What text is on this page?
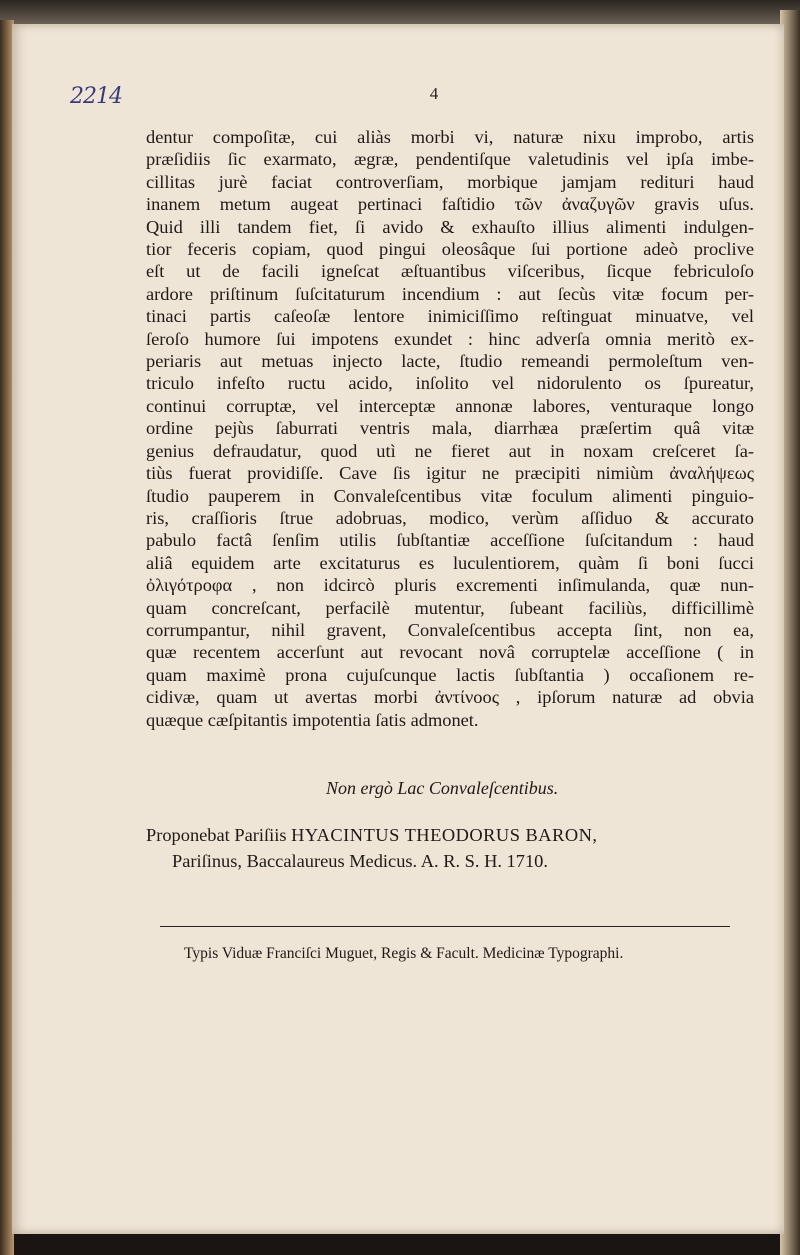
2214	4
dentur compoſitæ, cui aliàs morbi vi, naturæ nixu improbo, artis
præſidiis ſic exarmato, ægræ, pendentiſque valetudinis vel ipſa imbe-
cillitas jurè faciat controverſiam, morbique jamjam redituri haud
inanem metum augeat pertinaci faſtidio τῶν ἀναζυγῶν gravis uſus.
Quid illi tandem fiet, ſi avido & exhauſto illius alimenti indulgen-
tior feceris copiam, quod pingui oleosâque ſui portione adeò proclive
eſt ut de facili igneſcat æſtuantibus viſceribus, ſicque febriculoſo
ardore priſtinum ſuſcitaturum incendium : aut ſecùs vitæ focum per-
tinaci partis caſeoſæ lentore inimiciſſimo reſtinguat minuatve, vel
ſeroſo humore ſui impotens exundet : hinc adverſa omnia meritò ex-
periaris aut metuas injecto lacte, ſtudio remeandi permoleſtum ven-
triculo infeſto ructu acido, inſolito vel nidorulento os ſpureatur,
continui corruptæ, vel interceptæ annonæ labores, venturaque longo
ordine pejùs ſaburrati ventris mala, diarrhæa præſertim quâ vitæ
genius defraudatur, quod utì ne fieret aut in noxam creſceret ſa-
tiùs fuerat providiſſe. Cave ſis igitur ne præcipiti nimiùm ἀναλήψεως
ſtudio pauperem in Convaleſcentibus vitæ foculum alimenti pinguio-
ris, craſſioris ſtrue adobruas, modico, verùm aſſiduo & accurato
pabulo factâ ſenſim utilis ſubſtantiæ acceſſione ſuſcitandum : haud
aliâ equidem arte excitaturus es luculentiorem, quàm ſi boni ſucci
ὀλιγότροφα , non idcircò pluris excrementi inſimulanda, quæ nun-
quam concreſcant, perfacilè mutentur, ſubeant faciliùs, difficillimè
corrumpantur, nihil gravent, Convaleſcentibus accepta ſint, non ea,
quæ recentem accerſunt aut revocant novâ corruptelæ acceſſione ( in
quam maximè prona cujuſcunque lactis ſubſtantia ) occaſionem re-
cidivæ, quam ut avertas morbi ἀντίνοος , ipſorum naturæ ad obvia
quæque cæſpitantis impotentia ſatis admonet.

Non ergò Lac Convaleſcentibus.

Proponebat Pariſiis HYACINTUS THEODORUS BARON,
Pariſinus, Baccalaureus Medicus. A. R. S. H. 1710.

Typis Viduæ Franciſci Muguet, Regis & Facult. Medicinæ Typographi.
